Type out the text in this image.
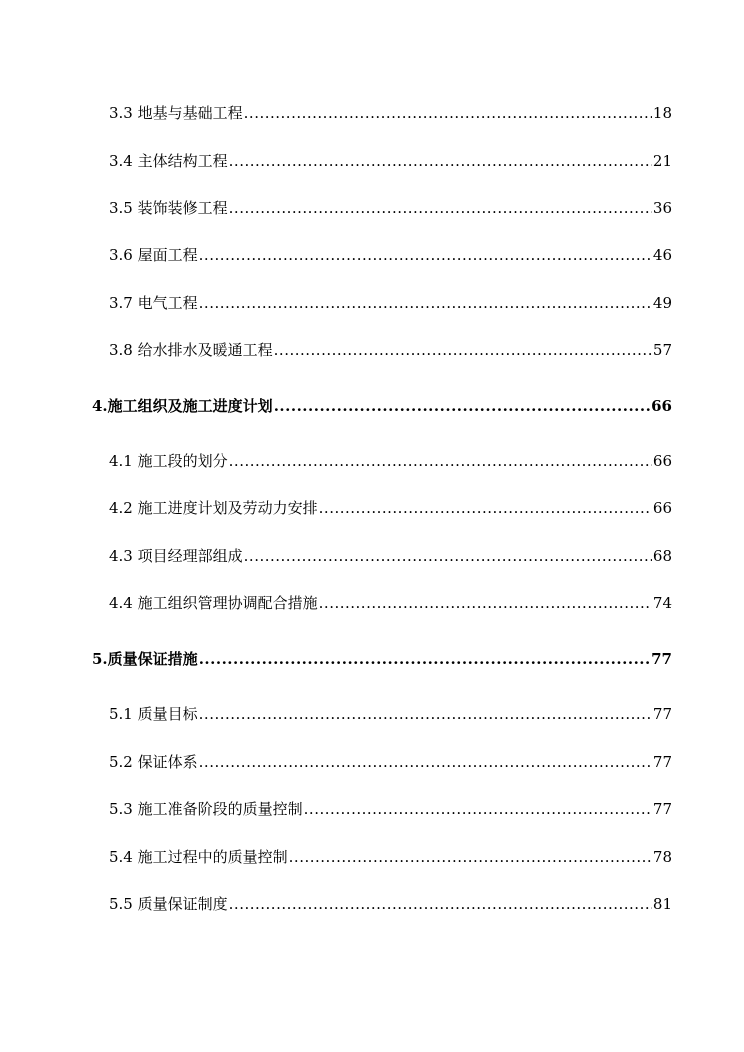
3.3 地基与基础工程 .....	18
3.4 主体结构工程 .....	21
3.5 装饰装修工程 .....	36
3.6 屋面工程 .....	46
3.7 电气工程 .....	49
3.8 给水排水及暖通工程 .....	57
4.施工组织及施工进度计划 .....	66
4.1 施工段的划分 .....	66
4.2 施工进度计划及劳动力安排 .....	66
4.3 项目经理部组成 .....	68
4.4 施工组织管理协调配合措施 .....	74
5.质量保证措施 .....	77
5.1 质量目标 .....	77
5.2 保证体系 .....	77
5.3 施工准备阶段的质量控制 .....	77
5.4 施工过程中的质量控制 .....	78
5.5 质量保证制度 .....	81
